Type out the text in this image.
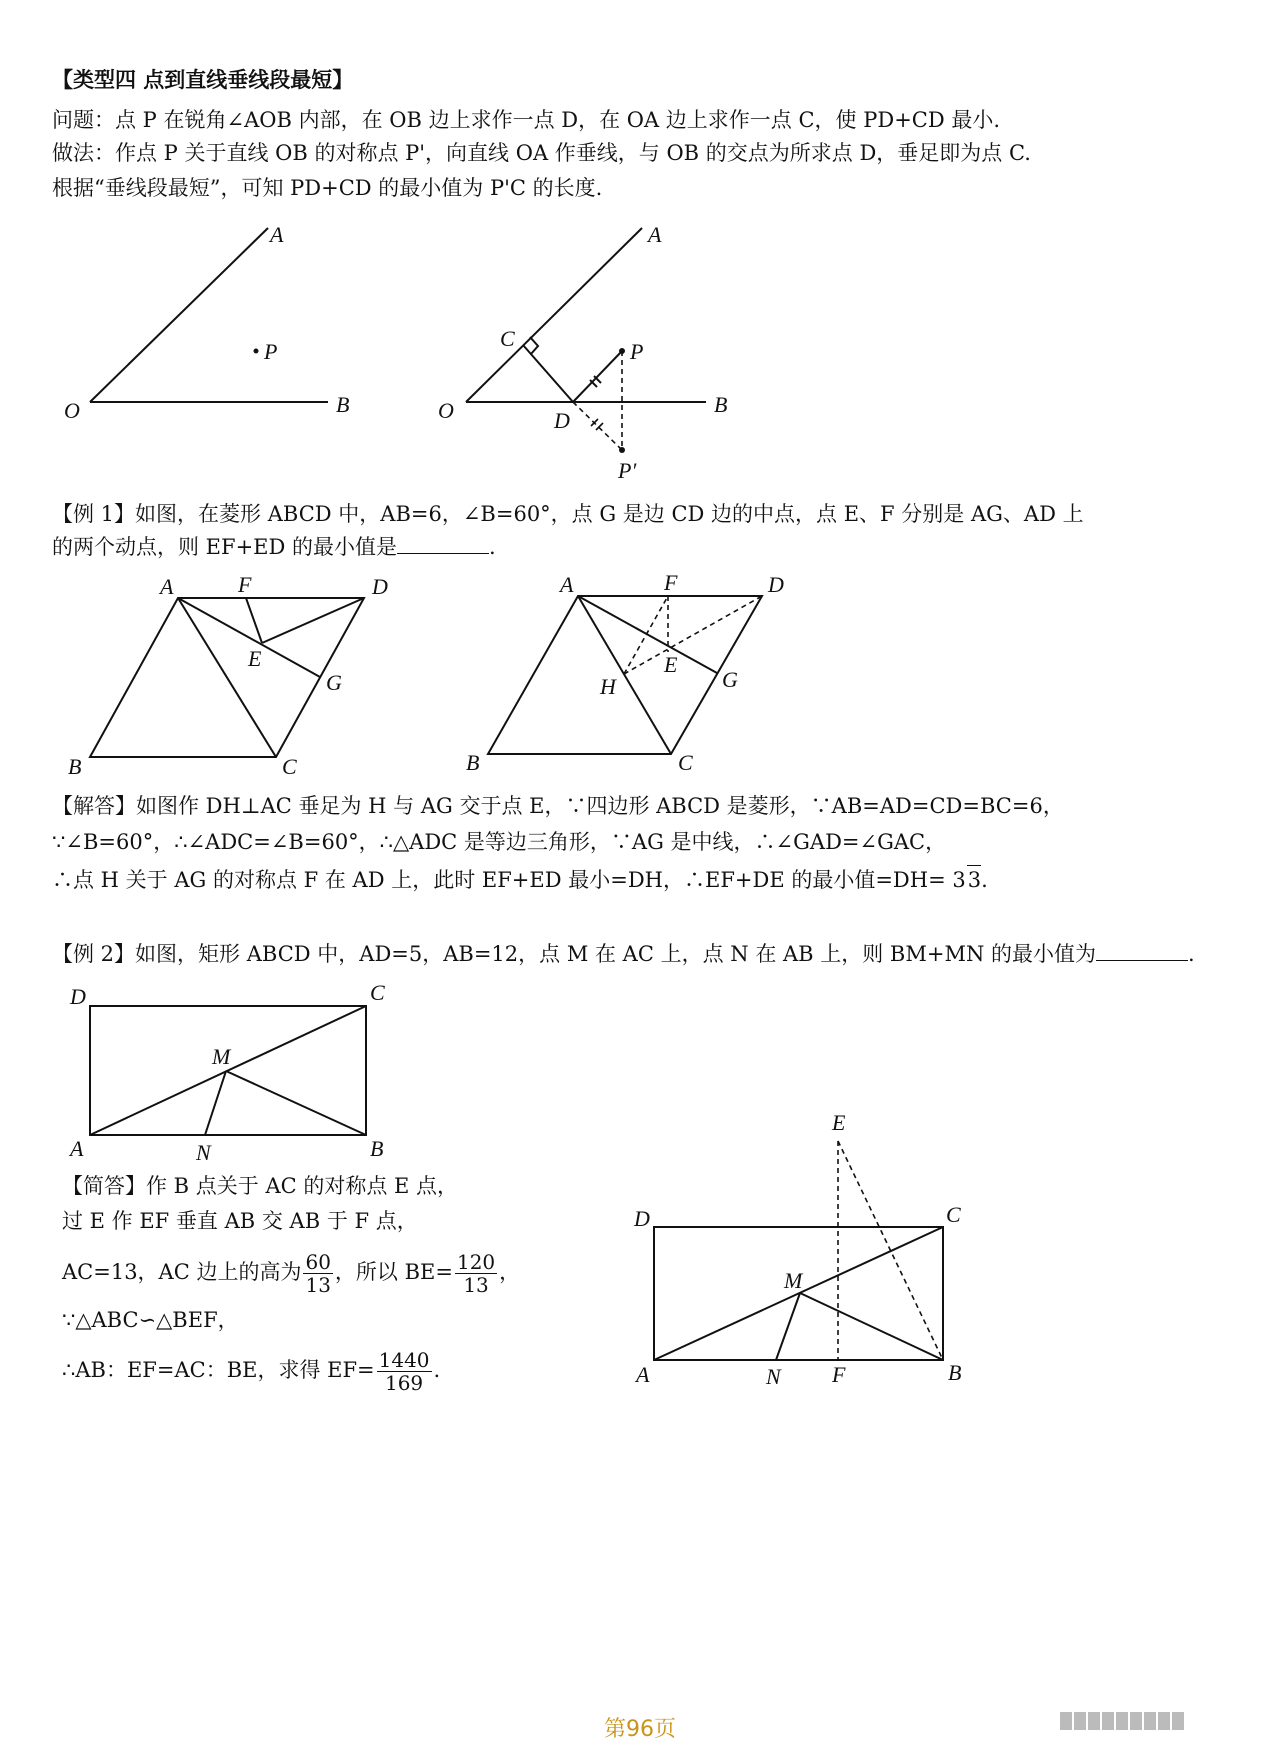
【类型四 点到直线垂线段最短】
问题：点 P 在锐角∠AOB 内部，在 OB 边上求作一点 D，在 OA 边上求作一点 C，使 PD+CD 最小.
做法：作点 P 关于直线 OB 的对称点 P'，向直线 OA 作垂线，与 OB 的交点为所求点 D，垂足即为点 C.
根据“垂线段最短”，可知 PD+CD 的最小值为 P'C 的长度.
A
O	B
P
A
O	B
P
C
D
P′
【例 1】如图，在菱形 ABCD 中，AB=6，∠B=60°，点 G 是边 CD 边的中点，点 E、F 分别是 AG、AD 上
的两个动点，则 EF+ED 的最小值是	.
A	F	D
E
G
B	C
A	F	D
E
H	G
B	C
【解答】如图作 DH⊥AC 垂足为 H 与 AG 交于点 E，∵四边形 ABCD 是菱形，∵AB=AD=CD=BC=6，
∵∠B=60°，∴∠ADC=∠B=60°，∴△ADC 是等边三角形，∵AG 是中线，∴∠GAD=∠GAC，
∴点 H 关于 AG 的对称点 F 在 AD 上，此时 EF+ED 最小=DH，∴EF+DE 的最小值=DH= 33.
【例 2】如图，矩形 ABCD 中，AD=5，AB=12，点 M 在 AC 上，点 N 在 AB 上，则 BM+MN 的最小值为	.
D	C
M
A	N	B
【简答】作 B 点关于 AC 的对称点 E 点，
过 E 作 EF 垂直 AB 交 AB 于 F 点，
AC=13，AC 边上的高为 $\frac{60}{13}$ ，所以 $BE= \frac{120}{13}$ ，
∵△ABC∽△BEF，
∴AB：EF=AC：BE，求得 $EF= \frac{1440}{169}$ .
E
D	C
M
A	N F	B
第96页
